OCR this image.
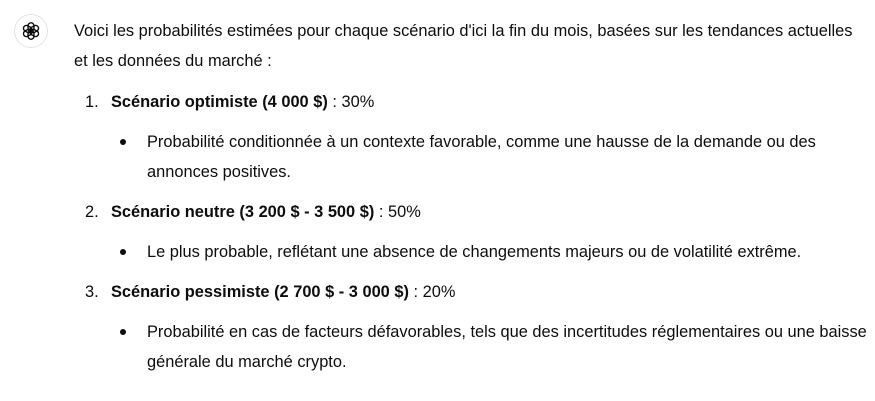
Voici les probabilités estimées pour chaque scénario d'ici la fin du mois, basées sur les tendances actuelles et les données du marché :

1. Scénario optimiste (4 000 $) : 30%
Probabilité conditionnée à un contexte favorable, comme une hausse de la demande ou des annonces positives.
2. Scénario neutre (3 200 $ - 3 500 $) : 50%
Le plus probable, reflétant une absence de changements majeurs ou de volatilité extrême.
3. Scénario pessimiste (2 700 $ - 3 000 $) : 20%
Probabilité en cas de facteurs défavorables, tels que des incertitudes réglementaires ou une baisse générale du marché crypto.
